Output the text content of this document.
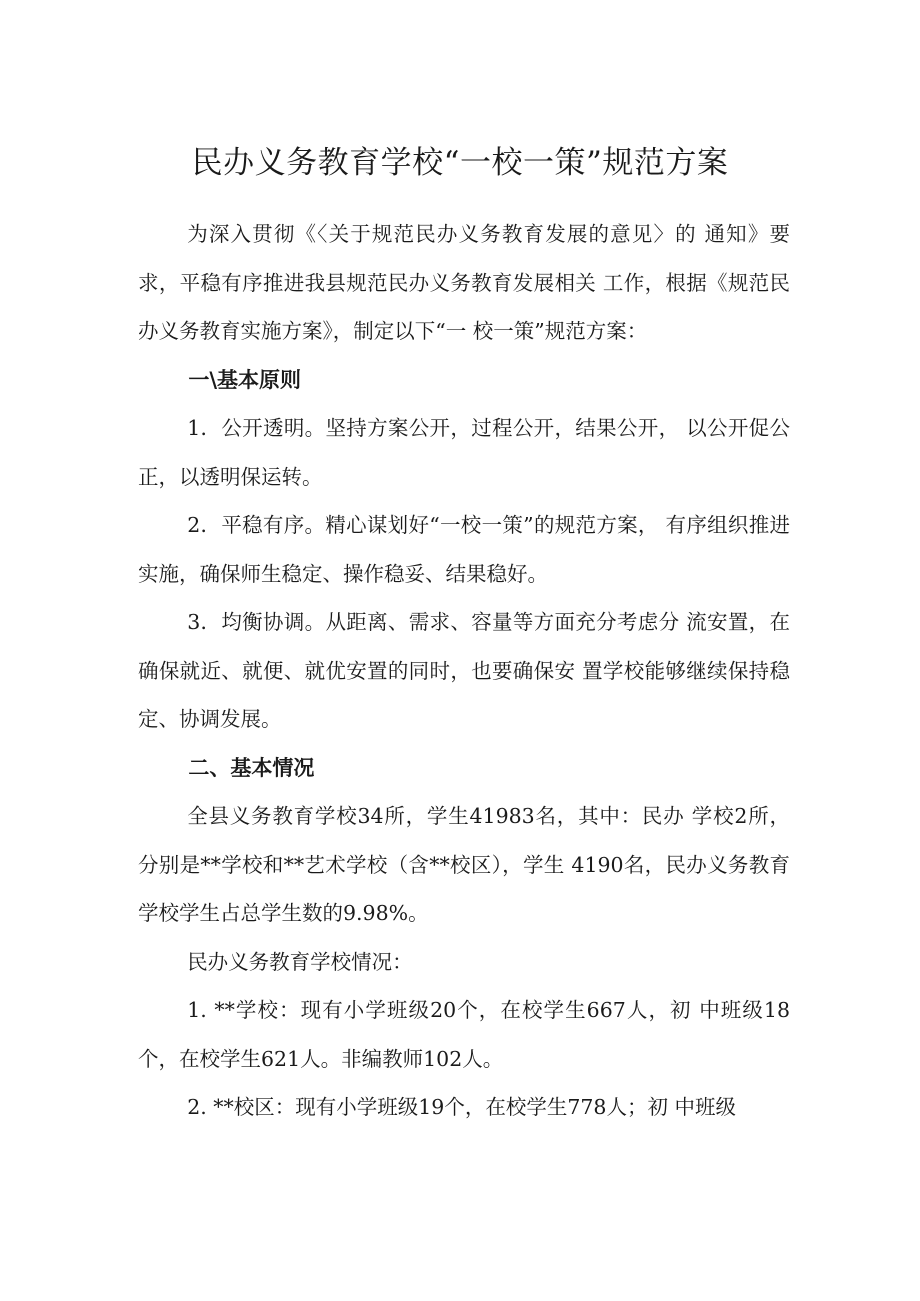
民办义务教育学校“一校一策”规范方案

为深入贯彻《〈关于规范民办义务教育发展的意见〉的 通知》要求，平稳有序推进我县规范民办义务教育发展相关 工作，根据《规范民办义务教育实施方案》，制定以下“一 校一策”规范方案：

一\基本原则

1．公开透明。坚持方案公开，过程公开，结果公开， 以公开促公正，以透明保运转。

2．平稳有序。精心谋划好“一校一策”的规范方案， 有序组织推进实施，确保师生稳定、操作稳妥、结果稳好。

3．均衡协调。从距离、需求、容量等方面充分考虑分 流安置，在确保就近、就便、就优安置的同时，也要确保安 置学校能够继续保持稳定、协调发展。

二、基本情况

全县义务教育学校34所，学生41983名，其中：民办 学校2所，分别是**学校和**艺术学校（含**校区），学生 4190名，民办义务教育学校学生占总学生数的9.98%。

民办义务教育学校情况：

1. **学校：现有小学班级20个，在校学生667人，初 中班级18个，在校学生621人。非编教师102人。

2. **校区：现有小学班级19个，在校学生778人；初 中班级
